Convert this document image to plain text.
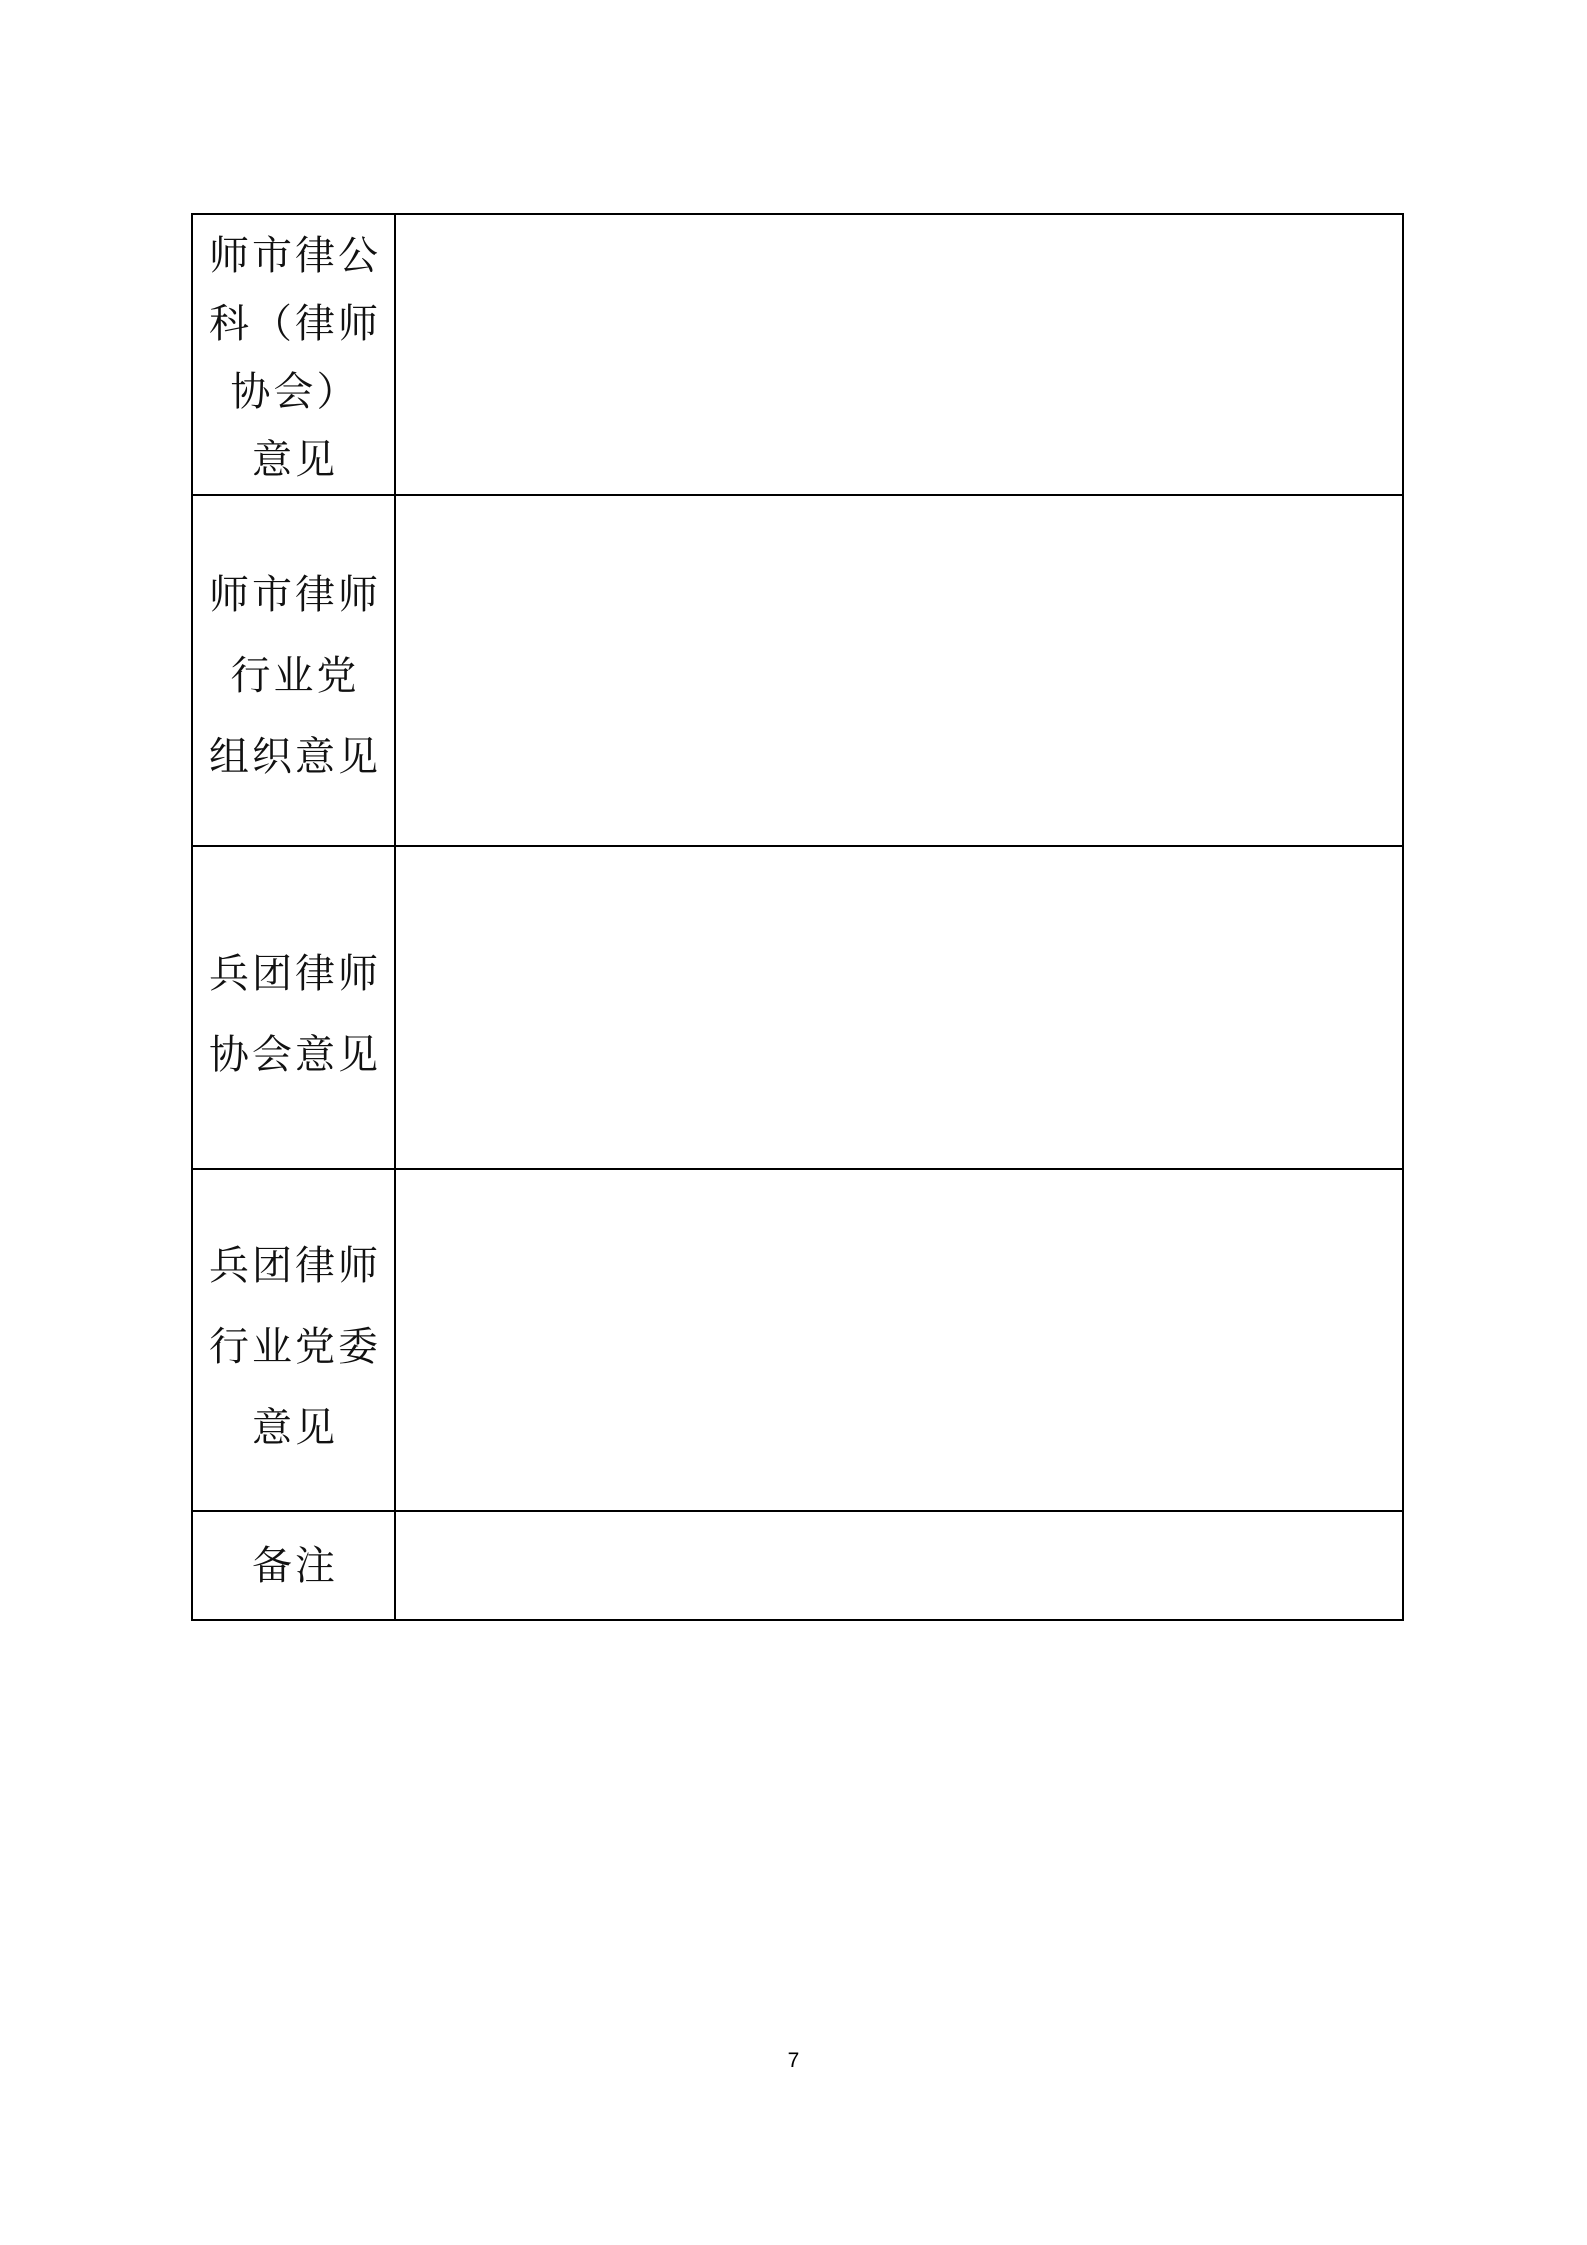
师市律公
科（律师
协会）
意见	

师市律师
行业党
组织意见	

兵团律师
协会意见	

兵团律师
行业党委
意见	

备注	

7
